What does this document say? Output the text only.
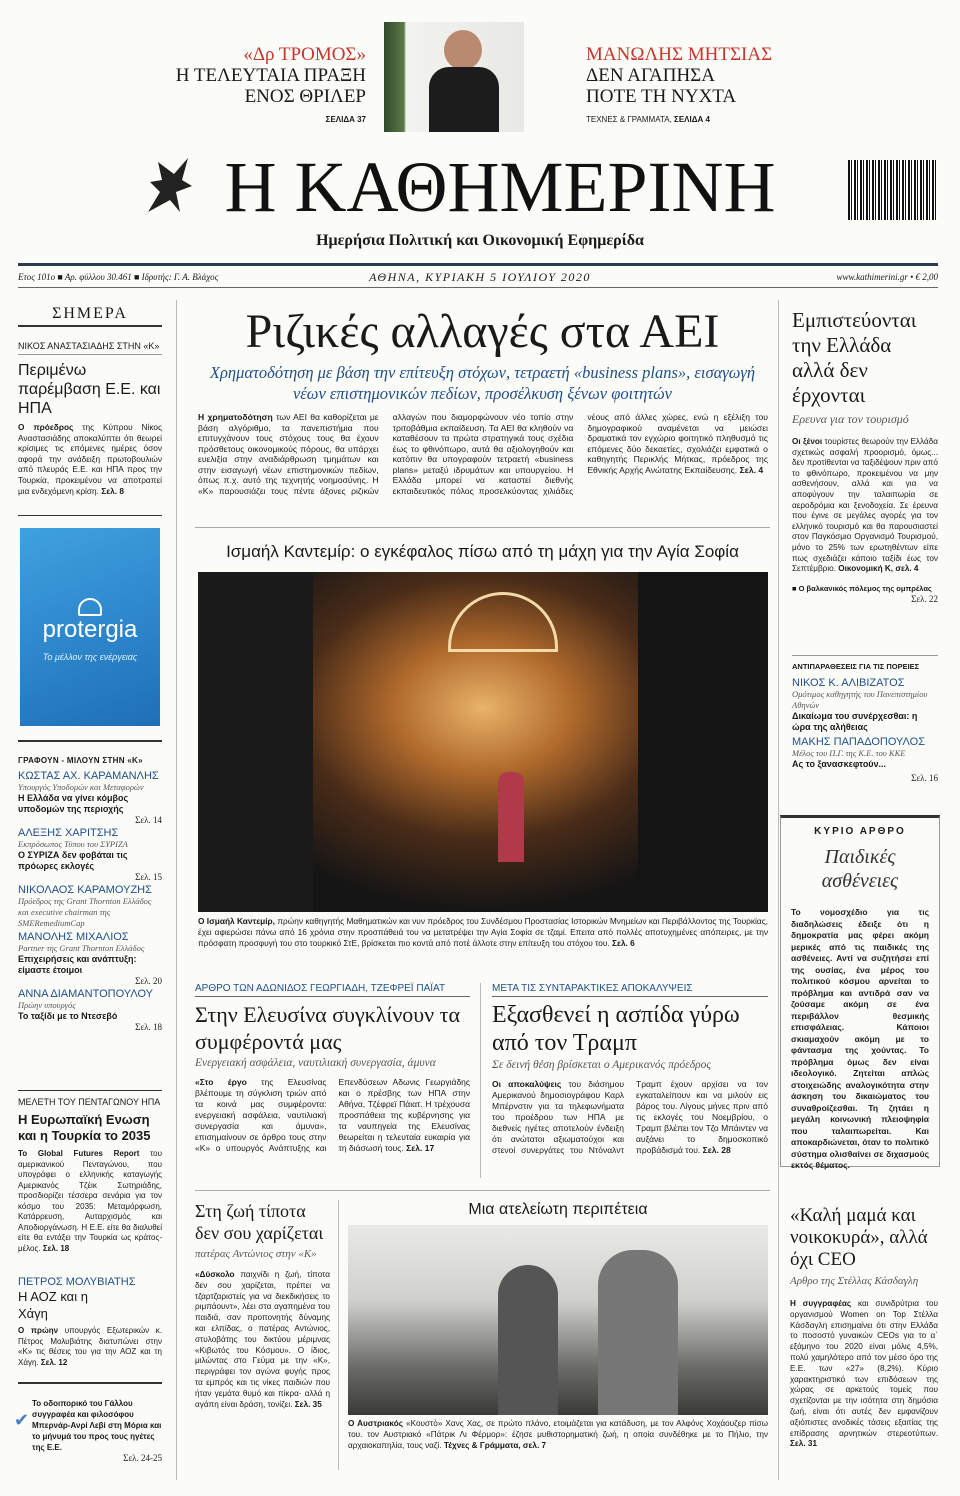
«Δρ ΤΡΟΜΟΣ»
Η ΤΕΛΕΥΤΑΙΑ ΠΡΑΞΗ
ΕΝΟΣ ΘΡΙΛΕΡ
ΣΕΛΙΔΑ 37
ΜΑΝΩΛΗΣ ΜΗΤΣΙΑΣ
ΔΕΝ ΑΓΑΠΗΣΑ
ΠΟΤΕ ΤΗ ΝΥΧΤΑ
ΤΕΧΝΕΣ & ΓΡΑΜΜΑΤΑ, ΣΕΛΙΔΑ 4
Η ΚΑΘΗΜΕΡΙΝΗ
Ημερήσια Πολιτική και Οικονομική Εφημερίδα
Ετος 101ο ■ Αρ. φύλλου 30.461 ■ Ιδρυτής: Γ. Α. Βλάχος	ΑΘΗΝΑ, ΚΥΡΙΑΚΗ 5 ΙΟΥΛΙΟΥ 2020	www.kathimerini.gr • € 2,00
ΣΗΜΕΡΑ
ΝΙΚΟΣ ΑΝΑΣΤΑΣΙΑΔΗΣ ΣΤΗΝ «Κ»
Περιμένω παρέμβαση Ε.Ε. και ΗΠΑ
Ο πρόεδρος της Κύπρου Νίκος Αναστασιάδης αποκαλύπτει ότι θεωρεί κρίσιμες τις επόμενες ημέρες όσον αφορά την ανάδειξη πρωτοβουλιών από πλευράς Ε.Ε. και ΗΠΑ προς την Τουρκία, προκειμένου να αποτραπεί μια ενδεχόμενη κρίση. Σελ. 8
protergia
Το μέλλον της ενέργειας
ΓΡΑΦΟΥΝ - ΜΙΛΟΥΝ ΣΤΗΝ «Κ»
ΚΩΣΤΑΣ ΑΧ. ΚΑΡΑΜΑΝΛΗΣ
Υπουργός Υποδομών και Μεταφορών
Η Ελλάδα να γίνει κόμβος υποδομών της περιοχής
Σελ. 14
ΑΛΕΞΗΣ ΧΑΡΙΤΣΗΣ
Εκπρόσωπος Τύπου του ΣΥΡΙΖΑ
Ο ΣΥΡΙΖΑ δεν φοβάται τις πρόωρες εκλογές
Σελ. 15
ΝΙΚΟΛΑΟΣ ΚΑΡΑΜΟΥΖΗΣ
Πρόεδρος της Grant Thornton Ελλάδος και executive chairman της SMERemediumCap
ΜΑΝΟΛΗΣ ΜΙΧΑΛΙΟΣ
Partner της Grant Thornton Ελλάδος
Επιχειρήσεις και ανάπτυξη: είμαστε έτοιμοι
Σελ. 20
ΑΝΝΑ ΔΙΑΜΑΝΤΟΠΟΥΛΟΥ
Πρώην υπουργός
Το ταξίδι με το Ντεσεβό
Σελ. 18
ΜΕΛΕΤΗ ΤΟΥ ΠΕΝΤΑΓΩΝΟΥ ΗΠΑ
Η Ευρωπαϊκή Ενωση και η Τουρκία το 2035
Το Global Futures Report του αμερικανικού Πενταγώνου, που υπογράφει ο ελληνικής καταγωγής Αμερικανός Τζέικ Σωτηριάδης, προσδιορίζει τέσσερα σενάρια για τον κόσμο του 2035: Μεταμόρφωση, Κατάρρευση, Αυταρχισμός και Αποδιοργάνωση. Η Ε.Ε. είτε θα διαλυθεί είτε θα εντάξει την Τουρκία ως κράτος-μέλος. Σελ. 18
ΠΕΤΡΟΣ ΜΟΛΥΒΙΑΤΗΣ
Η ΑΟΖ και η Χάγη
Ο πρώην υπουργός Εξωτερικών κ. Πέτρος Μολυβιάτης διατυπώνει στην «Κ» τις θέσεις του για την ΑΟΖ και τη Χάγη. Σελ. 12
✔
Το οδοιπορικό του Γάλλου συγγραφέα και φιλοσόφου Μπερνάρ-Ανρί Λεβί στη Μόρια και το μήνυμά του προς τους ηγέτες της Ε.Ε.
Σελ. 24-25
Ριζικές αλλαγές στα ΑΕΙ
Χρηματοδότηση με βάση την επίτευξη στόχων, τετραετή «business plans», εισαγωγή νέων επιστημονικών πεδίων, προσέλκυση ξένων φοιτητών
Η χρηματοδότηση των ΑΕΙ θα καθορίζεται με βάση αλγόριθμο, τα πανεπιστήμια που επιτυγχάνουν τους στόχους τους θα έχουν πρόσθετους οικονομικούς πόρους, θα υπάρχει ευελιξία στην αναδιάρθρωση τμημάτων και στην εισαγωγή νέων επιστημονικών πεδίων, όπως π.χ. αυτό της τεχνητής νοημοσύνης. Η «Κ» παρουσιάζει τους πέντε άξονες ριζικών αλλαγών που διαμορφώνουν νέο τοπίο στην τριτοβάθμια εκπαίδευση. Τα ΑΕΙ θα κληθούν να καταθέσουν τα πρώτα στρατηγικά τους σχέδια έως το φθινόπωρο, αυτά θα αξιολογηθούν και κατόπιν θα υπογραφούν τετραετή «business plans» μεταξύ ιδρυμάτων και υπουργείου. Η Ελλάδα μπορεί να καταστεί διεθνής εκπαιδευτικός πόλος προσελκύοντας χιλιάδες νέους από άλλες χώρες, ενώ η εξέλιξη του δημογραφικού αναμένεται να μειώσει δραματικά τον εγχώριο φοιτητικό πληθυσμό τις επόμενες δύο δεκαετίες, σχολιάζει εμφατικά ο καθηγητής Περικλής Μήτκας, πρόεδρος της Εθνικής Αρχής Ανώτατης Εκπαίδευσης. Σελ. 4
Ισμαήλ Καντεμίρ: ο εγκέφαλος πίσω από τη μάχη για την Αγία Σοφία
Ο Ισμαήλ Καντεμίρ, πρώην καθηγητής Μαθηματικών και νυν πρόεδρος του Συνδέσμου Προστασίας Ιστορικών Μνημείων και Περιβάλλοντος της Τουρκίας, έχει αφιερώσει πάνω από 16 χρόνια στην προσπάθειά του να μετατρέψει την Αγία Σοφία σε τζαμί. Επειτα από πολλές αποτυχημένες απόπειρες, με την πρόσφατη προσφυγή του στο τουρκικό ΣτΕ, βρίσκεται πιο κοντά από ποτέ άλλοτε στην επίτευξη του στόχου του. Σελ. 6
ΑΡΘΡΟ ΤΩΝ ΑΔΩΝΙΔΟΣ ΓΕΩΡΓΙΑΔΗ, ΤΖΕΦΡΕΪ ΠΑΪΑΤ
Στην Ελευσίνα συγκλίνουν τα συμφέροντά μας
Ενεργειακή ασφάλεια, ναυτιλιακή συνεργασία, άμυνα
«Στο έργο της Ελευσίνας βλέπουμε τη σύγκλιση τριών από τα κοινά μας συμφέροντα: ενεργειακή ασφάλεια, ναυτιλιακή συνεργασία και άμυνα», επισημαίνουν σε άρθρο τους στην «Κ» ο υπουργός Ανάπτυξης και Επενδύσεων Αδωνις Γεωργιάδης και ο πρέσβης των ΗΠΑ στην Αθήνα, Τζέφρεϊ Πάιατ. Η τρέχουσα προσπάθεια της κυβέρνησης για τα ναυπηγεία της Ελευσίνας θεωρείται η τελευταία ευκαιρία για τη διάσωσή τους. Σελ. 17
ΜΕΤΑ ΤΙΣ ΣΥΝΤΑΡΑΚΤΙΚΕΣ ΑΠΟΚΑΛΥΨΕΙΣ
Εξασθενεί η ασπίδα γύρω από τον Τραμπ
Σε δεινή θέση βρίσκεται ο Αμερικανός πρόεδρος
Οι αποκαλύψεις του διάσημου Αμερικανού δημοσιογράφου Καρλ Μπέρνστιν για τα τηλεφωνήματα του προέδρου των ΗΠΑ με διεθνείς ηγέτες αποτελούν ένδειξη ότι ανώτατοι αξιωματούχοι και στενοί συνεργάτες του Ντόναλντ Τραμπ έχουν αρχίσει να τον εγκαταλείπουν και να μιλούν εις βάρος του. Λίγους μήνες πριν από τις εκλογές του Νοεμβρίου, ο Τραμπ βλέπει τον Τζο Μπάιντεν να αυξάνει το δημοσκοπικό προβάδισμά του. Σελ. 28
Στη ζωή τίποτα δεν σου χαρίζεται
πατέρας Αντώνιος στην «Κ»
«Δύσκολο παιχνίδι η ζωή, τίποτα δεν σου χαρίζεται, πρέπει να τζαρτζαριστείς για να διεκδικήσεις το ριμπάουντ», λέει στα αγαπημένα του παιδιά, σαν προπονητής δύναμης και ελπίδας, ο πατέρας Αντώνιος, στυλοβάτης του δικτύου μέριμνας «Κιβωτός του Κόσμου». Ο ίδιος, μιλώντας στο Γεύμα με την «Κ», περιγράφει τον αγώνα φυγής προς τα εμπρός και τις νίκες παιδιών που ήταν γεμάτα θυμό και πίκρα· αλλά η αγάπη είναι δράση, τονίζει. Σελ. 35
Μια ατελείωτη περιπέτεια
Ο Αυστριακός «Κουστό» Χανς Χας, σε πρώτο πλάνο, ετοιμάζεται για κατάδυση, με τον Αλφόνς Χοχάουζερ πίσω του. τον Αυστριακό «Πάτρικ Λι Φέρμορ»: έζησε μυθιστορηματική ζωή, η οποία συνδέθηκε με το Πήλιο, την αρχαιοκαπηλία, τους ναζί. Τέχνες & Γράμματα, σελ. 7
Εμπιστεύονται την Ελλάδα αλλά δεν έρχονται
Ερευνα για τον τουρισμό
Οι ξένοι τουρίστες θεωρούν την Ελλάδα σχετικώς ασφαλή προορισμό, όμως... δεν προτίθενται να ταξιδέψουν πριν από το φθινόπωρο, προκειμένου να μην ασθενήσουν, αλλά και για να αποφύγουν την ταλαιπωρία σε αεροδρόμια και ξενοδοχεία. Σε έρευνα που έγινε σε μεγάλες αγορές για τον ελληνικό τουρισμό και θα παρουσιαστεί στον Παγκόσμιο Οργανισμό Τουρισμού, μόνο το 25% των ερωτηθέντων είπε πως σχεδιάζει κάποιο ταξίδι έως τον Σεπτέμβριο. Οικονομική Κ, σελ. 4
■ Ο βαλκανικός πόλεμος της ομπρέλας
Σελ. 22
ΑΝΤΙΠΑΡΑΘΕΣΕΙΣ ΓΙΑ ΤΙΣ ΠΟΡΕΙΕΣ
ΝΙΚΟΣ Κ. ΑΛΙΒΙΖΑΤΟΣ
Ομότιμος καθηγητής του Πανεπιστημίου Αθηνών
Δικαίωμα του συνέρχεσθαι: η ώρα της αλήθειας
ΜΑΚΗΣ ΠΑΠΑΔΟΠΟΥΛΟΣ
Μέλος του Π.Γ. της Κ.Ε. του ΚΚΕ
Ας το ξανασκεφτούν...
Σελ. 16
ΚΥΡΙΟ ΑΡΘΡΟ
Παιδικές ασθένειες
Το νομοσχέδιο για τις διαδηλώσεις έδειξε ότι η δημοκρατία μας φέρει ακόμη μερικές από τις παιδικές της ασθένειες. Αντί να συζητήσει επί της ουσίας, ένα μέρος του πολιτικού κόσμου αρνείται το πρόβλημα και αντιδρά σαν να ζούσαμε ακόμη σε ένα περιβάλλον θεσμικής επισφάλειας. Κάποιοι σκιαμαχούν ακόμη με το φάντασμα της χούντας. Το πρόβλημα όμως δεν είναι ιδεολογικό. Ζητείται απλώς στοιχειώδης αναλογικότητα στην άσκηση του δικαιώματος του συναθροίζεσθαι. Τη ζητάει η μεγάλη κοινωνική πλειοψηφία που ταλαιπωρείται. Και αποκαρδιώνεται, όταν το πολιτικό σύστημα ολισθαίνει σε διχασμούς εκτός θέματος.
«Καλή μαμά και νοικοκυρά», αλλά όχι CEO
Αρθρο της Στέλλας Κάσδαγλη
Η συγγραφέας και συνιδρύτρια του οργανισμού Women on Top Στέλλα Κάσδαγλη επισημαίνει ότι στην Ελλάδα το ποσοστό γυναικών CEOs για το α΄ εξάμηνο του 2020 είναι μόλις 4,5%, πολύ χαμηλότερο από τον μέσο όρο της Ε.Ε. των «27» (8,2%). Κύριο χαρακτηριστικό των επιδόσεων της χώρας σε αρκετούς τομείς που σχετίζονται με την ισότητα στη δημόσια ζωή, είναι ότι αυτές δεν εμφανίζουν αξιόπιστες ανοδικές τάσεις εξαιτίας της επίδρασης αρνητικών στερεοτύπων. Σελ. 31
